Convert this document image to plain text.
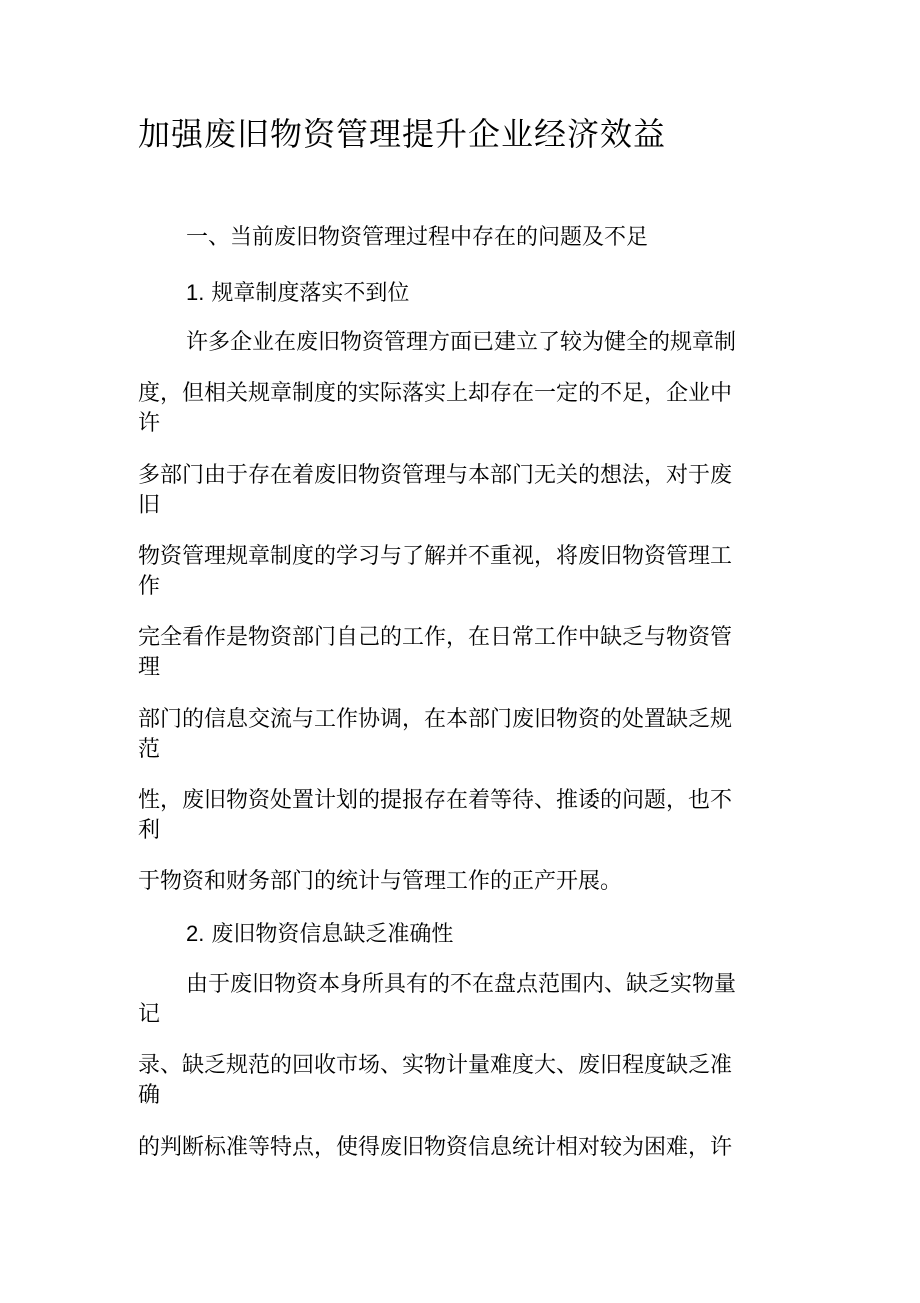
加强废旧物资管理提升企业经济效益
一、当前废旧物资管理过程中存在的问题及不足
1. 规章制度落实不到位
许多企业在废旧物资管理方面已建立了较为健全的规章制
度，但相关规章制度的实际落实上却存在一定的不足，企业中
许
多部门由于存在着废旧物资管理与本部门无关的想法，对于废
旧
物资管理规章制度的学习与了解并不重视，将废旧物资管理工
作
完全看作是物资部门自己的工作，在日常工作中缺乏与物资管
理
部门的信息交流与工作协调，在本部门废旧物资的处置缺乏规
范
性，废旧物资处置计划的提报存在着等待、推诿的问题，也不
利
于物资和财务部门的统计与管理工作的正产开展。
2. 废旧物资信息缺乏准确性
由于废旧物资本身所具有的不在盘点范围内、缺乏实物量
记
录、缺乏规范的回收市场、实物计量难度大、废旧程度缺乏准
确
的判断标准等特点，使得废旧物资信息统计相对较为困难，许
